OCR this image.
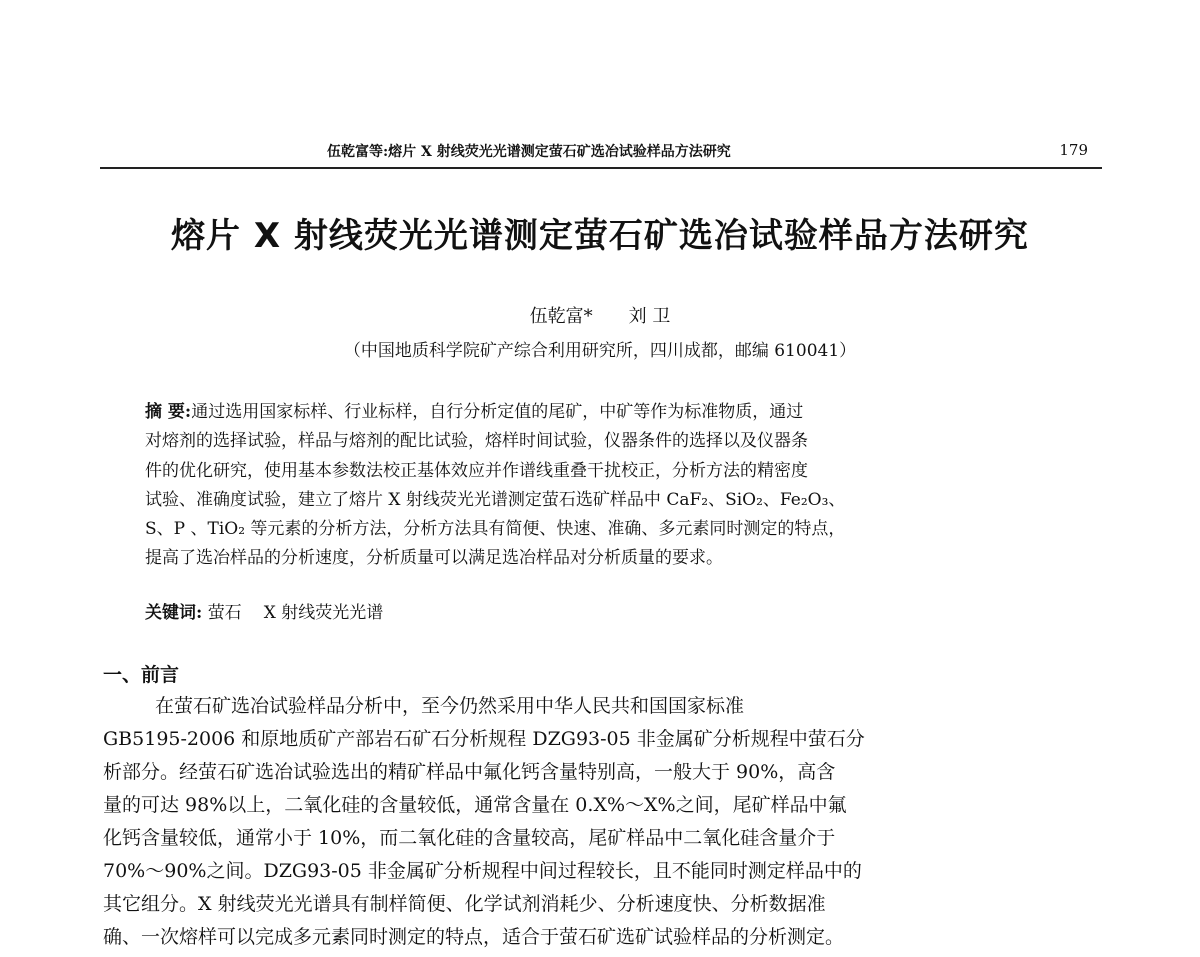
伍乾富等:熔片 X 射线荧光光谱测定萤石矿选冶试验样品方法研究	179
熔片 X 射线荧光光谱测定萤石矿选冶试验样品方法研究
伍乾富* 刘 卫
（中国地质科学院矿产综合利用研究所，四川成都，邮编 610041）
摘 要:通过选用国家标样、行业标样，自行分析定值的尾矿，中矿等作为标准物质，通过
对熔剂的选择试验，样品与熔剂的配比试验，熔样时间试验，仪器条件的选择以及仪器条
件的优化研究，使用基本参数法校正基体效应并作谱线重叠干扰校正，分析方法的精密度
试验、准确度试验，建立了熔片 X 射线荧光光谱测定萤石选矿样品中 CaF₂、SiO₂、Fe₂O₃、
S、P 、TiO₂ 等元素的分析方法，分析方法具有简便、快速、准确、多元素同时测定的特点，
提高了选冶样品的分析速度，分析质量可以满足选冶样品对分析质量的要求。
关键词: 萤石 X 射线荧光光谱
一、前言
在萤石矿选冶试验样品分析中，至今仍然采用中华人民共和国国家标准
GB5195-2006 和原地质矿产部岩石矿石分析规程 DZG93-05 非金属矿分析规程中萤石分
析部分。经萤石矿选冶试验选出的精矿样品中氟化钙含量特别高，一般大于 90%，高含
量的可达 98%以上，二氧化硅的含量较低，通常含量在 0.X%～X%之间，尾矿样品中氟
化钙含量较低，通常小于 10%，而二氧化硅的含量较高，尾矿样品中二氧化硅含量介于
70%～90%之间。DZG93-05 非金属矿分析规程中间过程较长，且不能同时测定样品中的
其它组分。X 射线荧光光谱具有制样简便、化学试剂消耗少、分析速度快、分析数据准
确、一次熔样可以完成多元素同时测定的特点，适合于萤石矿选矿试验样品的分析测定。
